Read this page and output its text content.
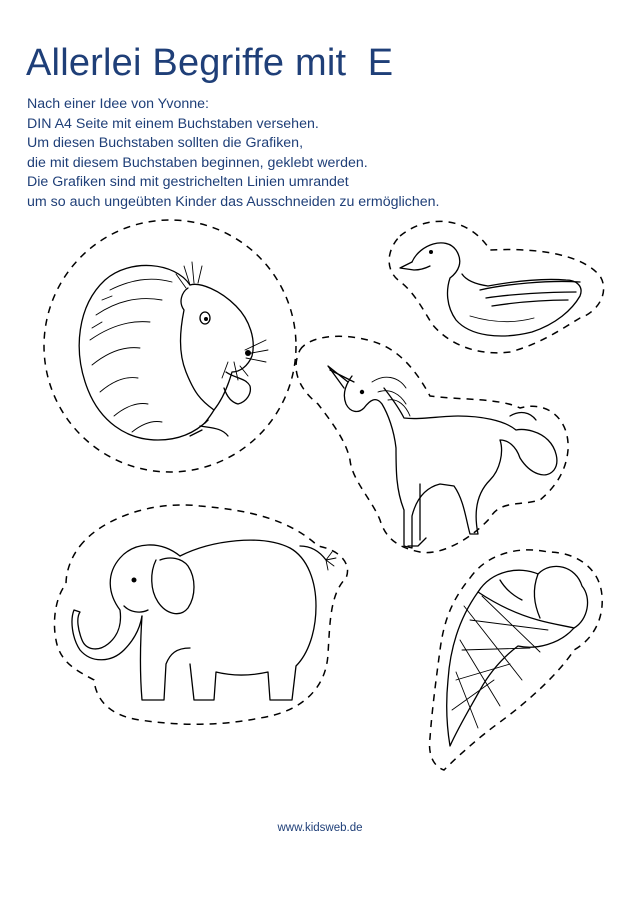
Allerlei Begriffe mit  E
Nach einer Idee von Yvonne:
DIN A4 Seite mit einem Buchstaben versehen.
Um diesen Buchstaben sollten die Grafiken,
die mit diesem Buchstaben beginnen, geklebt werden.
Die Grafiken sind mit gestrichelten Linien umrandet
um so auch ungeübten Kinder das Ausschneiden zu ermöglichen.
www.kidsweb.de
